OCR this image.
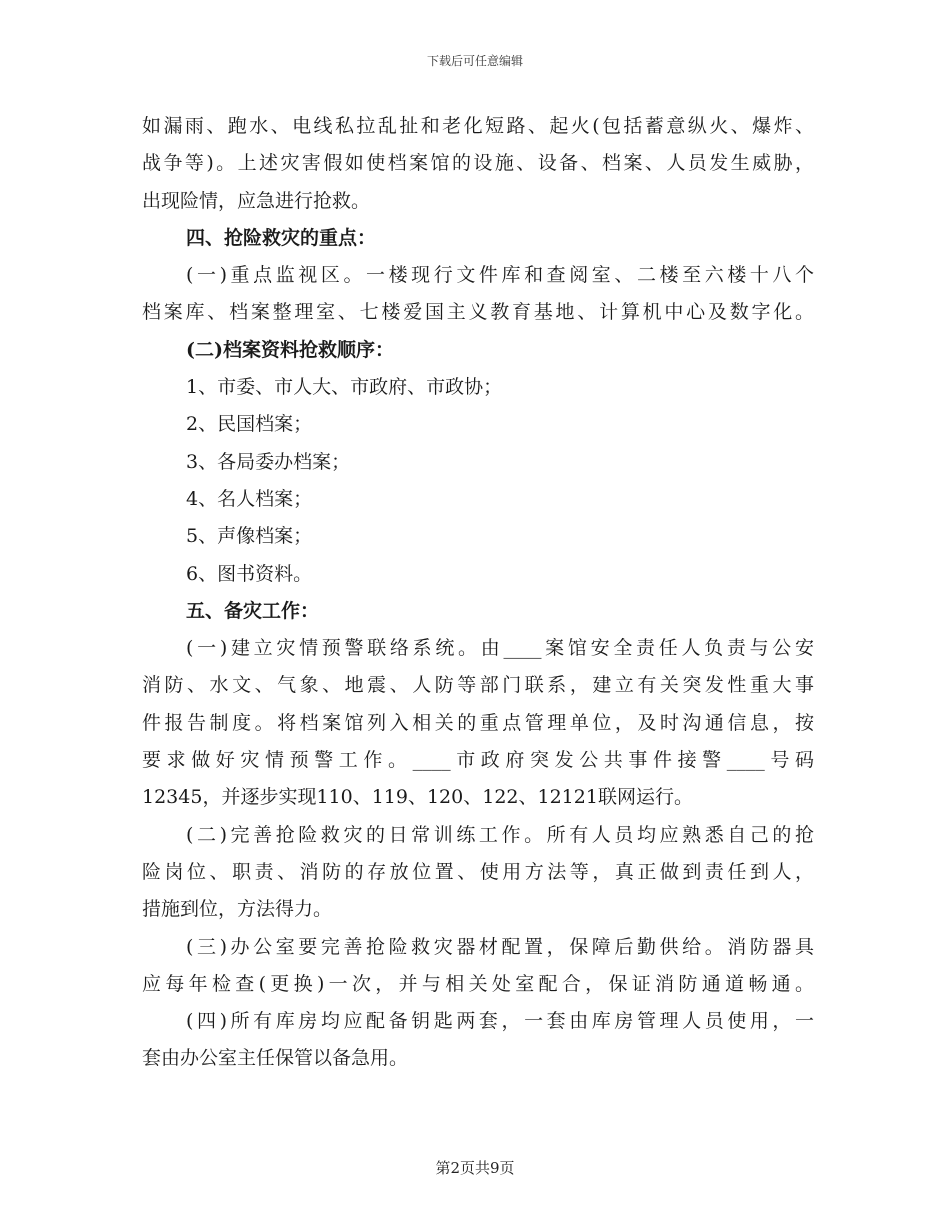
下载后可任意编辑
如漏雨、跑水、电线私拉乱扯和老化短路、起火(包括蓄意纵火、爆炸、
战争等)。上述灾害假如使档案馆的设施、设备、档案、人员发生威胁，
出现险情，应急进行抢救。
四、抢险救灾的重点：
(一)重点监视区。一楼现行文件库和查阅室、二楼至六楼十八个
档案库、档案整理室、七楼爱国主义教育基地、计算机中心及数字化。
(二)档案资料抢救顺序：
1、市委、市人大、市政府、市政协；
2、民国档案；
3、各局委办档案；
4、名人档案；
5、声像档案；
6、图书资料。
五、备灾工作：
(一)建立灾情预警联络系统。由____案馆安全责任人负责与公安
消防、水文、气象、地震、人防等部门联系，建立有关突发性重大事
件报告制度。将档案馆列入相关的重点管理单位，及时沟通信息，按
要求做好灾情预警工作。____市政府突发公共事件接警____号码
12345，并逐步实现110、119、120、122、12121联网运行。
(二)完善抢险救灾的日常训练工作。所有人员均应熟悉自己的抢
险岗位、职责、消防的存放位置、使用方法等，真正做到责任到人，
措施到位，方法得力。
(三)办公室要完善抢险救灾器材配置，保障后勤供给。消防器具
应每年检查(更换)一次，并与相关处室配合，保证消防通道畅通。
(四)所有库房均应配备钥匙两套，一套由库房管理人员使用，一
套由办公室主任保管以备急用。
第2页共9页
